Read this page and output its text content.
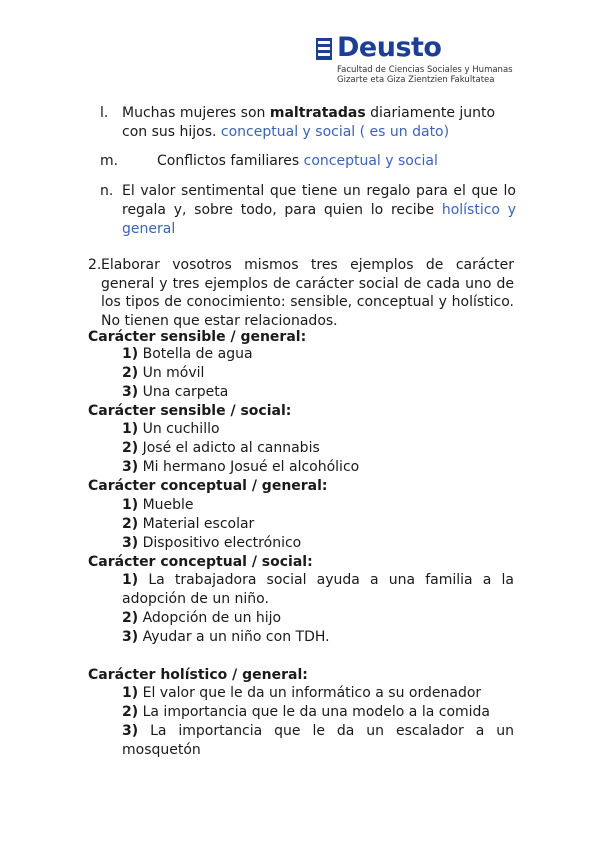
Deusto
Facultad de Ciencias Sociales y Humanas
Gizarte eta Giza Zientzien Fakultatea
l. Muchas mujeres son maltratadas diariamente junto con sus hijos. conceptual y social ( es un dato)
m.	Conflictos familiares conceptual y social
n. El valor sentimental que tiene un regalo para el que lo regala y, sobre todo, para quien lo recibe holístico y general
2. Elaborar vosotros mismos tres ejemplos de carácter general y tres ejemplos de carácter social de cada uno de los tipos de conocimiento: sensible, conceptual y holístico. No tienen que estar relacionados.
Carácter sensible / general:
1) Botella de agua
2) Un móvil
3) Una carpeta
Carácter sensible / social:
1) Un cuchillo
2) José el adicto al cannabis
3) Mi hermano Josué el alcohólico
Carácter conceptual / general:
1) Mueble
2) Material escolar
3) Dispositivo electrónico
Carácter conceptual / social:
1) La trabajadora social ayuda a una familia a la adopción de un niño.
2) Adopción de un hijo
3) Ayudar a un niño con TDH.
Carácter holístico / general:
1) El valor que le da un informático a su ordenador
2) La importancia que le da una modelo a la comida
3) La importancia que le da un escalador a un mosquetón
